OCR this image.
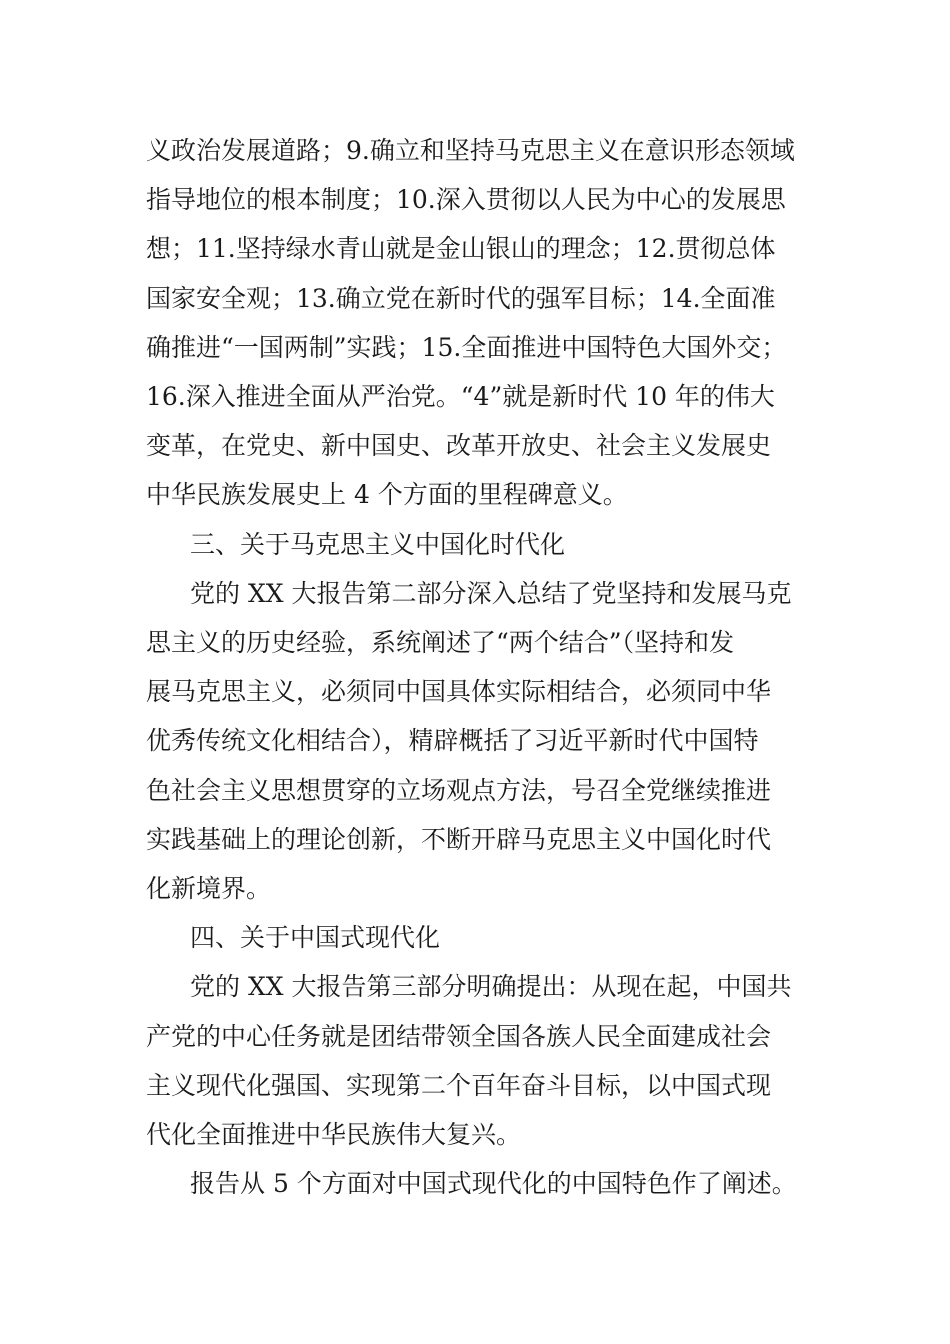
义政治发展道路；9.确立和坚持马克思主义在意识形态领域
指导地位的根本制度；10.深入贯彻以人民为中心的发展思
想；11.坚持绿水青山就是金山银山的理念；12.贯彻总体
国家安全观；13.确立党在新时代的强军目标；14.全面准
确推进“一国两制”实践；15.全面推进中国特色大国外交；
16.深入推进全面从严治党。“4”就是新时代 10 年的伟大
变革，在党史、新中国史、改革开放史、社会主义发展史
中华民族发展史上 4 个方面的里程碑意义。

三、关于马克思主义中国化时代化

党的 XX 大报告第二部分深入总结了党坚持和发展马克
思主义的历史经验，系统阐述了“两个结合”（坚持和发
展马克思主义，必须同中国具体实际相结合，必须同中华
优秀传统文化相结合），精辟概括了习近平新时代中国特
色社会主义思想贯穿的立场观点方法，号召全党继续推进
实践基础上的理论创新，不断开辟马克思主义中国化时代
化新境界。

四、关于中国式现代化

党的 XX 大报告第三部分明确提出：从现在起，中国共
产党的中心任务就是团结带领全国各族人民全面建成社会
主义现代化强国、实现第二个百年奋斗目标，以中国式现
代化全面推进中华民族伟大复兴。

报告从 5 个方面对中国式现代化的中国特色作了阐述。
